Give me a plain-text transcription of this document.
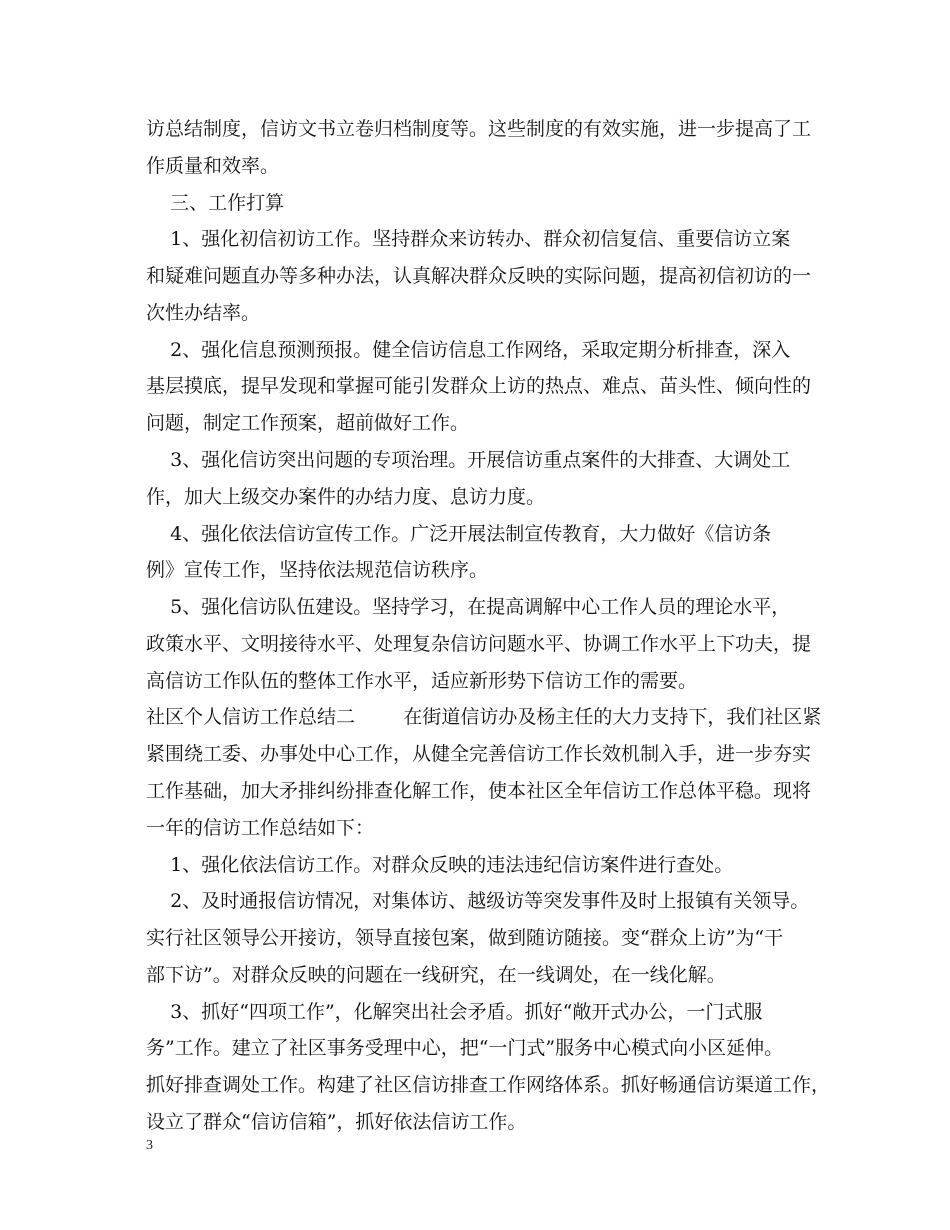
访总结制度，信访文书立卷归档制度等。这些制度的有效实施，进一步提高了工
作质量和效率。
三、工作打算
1、强化初信初访工作。坚持群众来访转办、群众初信复信、重要信访立案
和疑难问题直办等多种办法，认真解决群众反映的实际问题，提高初信初访的一
次性办结率。
2、强化信息预测预报。健全信访信息工作网络，采取定期分析排查，深入
基层摸底，提早发现和掌握可能引发群众上访的热点、难点、苗头性、倾向性的
问题，制定工作预案，超前做好工作。
3、强化信访突出问题的专项治理。开展信访重点案件的大排查、大调处工
作，加大上级交办案件的办结力度、息访力度。
4、强化依法信访宣传工作。广泛开展法制宣传教育，大力做好《信访条
例》宣传工作，坚持依法规范信访秩序。
5、强化信访队伍建设。坚持学习，在提高调解中心工作人员的理论水平，
政策水平、文明接待水平、处理复杂信访问题水平、协调工作水平上下功夫，提
高信访工作队伍的整体工作水平，适应新形势下信访工作的需要。
社区个人信访工作总结二        在街道信访办及杨主任的大力支持下，我们社区紧
紧围绕工委、办事处中心工作，从健全完善信访工作长效机制入手，进一步夯实
工作基础，加大矛排纠纷排查化解工作，使本社区全年信访工作总体平稳。现将
一年的信访工作总结如下：
1、强化依法信访工作。对群众反映的违法违纪信访案件进行查处。
2、及时通报信访情况，对集体访、越级访等突发事件及时上报镇有关领导。
实行社区领导公开接访，领导直接包案，做到随访随接。变“群众上访”为“干
部下访”。对群众反映的问题在一线研究，在一线调处，在一线化解。
3、抓好“四项工作”，化解突出社会矛盾。抓好“敞开式办公，一门式服
务”工作。建立了社区事务受理中心，把“一门式”服务中心模式向小区延伸。
抓好排查调处工作。构建了社区信访排查工作网络体系。抓好畅通信访渠道工作，
设立了群众“信访信箱”，抓好依法信访工作。
3
